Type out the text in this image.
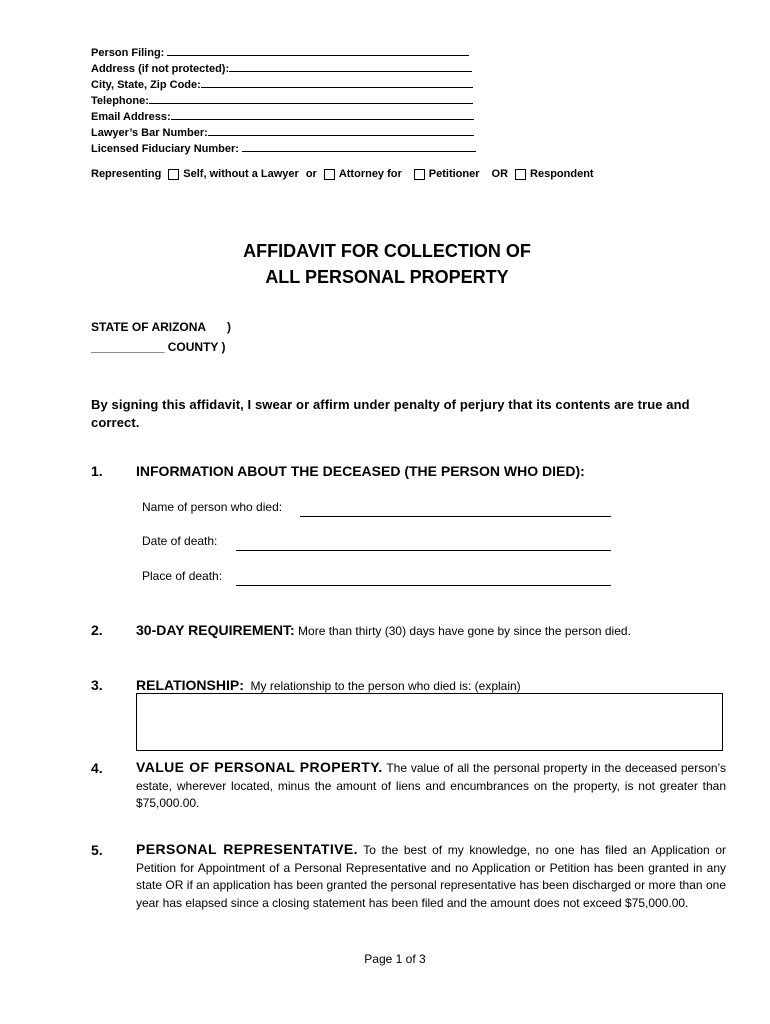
Person Filing:
Address (if not protected):
City, State, Zip Code:
Telephone:
Email Address:
Lawyer’s Bar Number:
Licensed Fiduciary Number:
Representing Self, without a Lawyer or Attorney for Petitioner OR Respondent
AFFIDAVIT FOR COLLECTION OF
ALL PERSONAL PROPERTY
STATE OF ARIZONA )
___________ COUNTY )
By signing this affidavit, I swear or affirm under penalty of perjury that its contents are true and correct.
1. INFORMATION ABOUT THE DECEASED (THE PERSON WHO DIED):
Name of person who died:
Date of death:
Place of death:
2. 30-DAY REQUIREMENT: More than thirty (30) days have gone by since the person died.
3. RELATIONSHIP:  My relationship to the person who died is: (explain)
4. VALUE OF PERSONAL PROPERTY. The value of all the personal property in the deceased person’s estate, wherever located, minus the amount of liens and encumbrances on the property, is not greater than $75,000.00.
5. PERSONAL REPRESENTATIVE. To the best of my knowledge, no one has filed an Application or Petition for Appointment of a Personal Representative and no Application or Petition has been granted in any state OR if an application has been granted the personal representative has been discharged or more than one year has elapsed since a closing statement has been filed and the amount does not exceed $75,000.00.
Page 1 of 3
